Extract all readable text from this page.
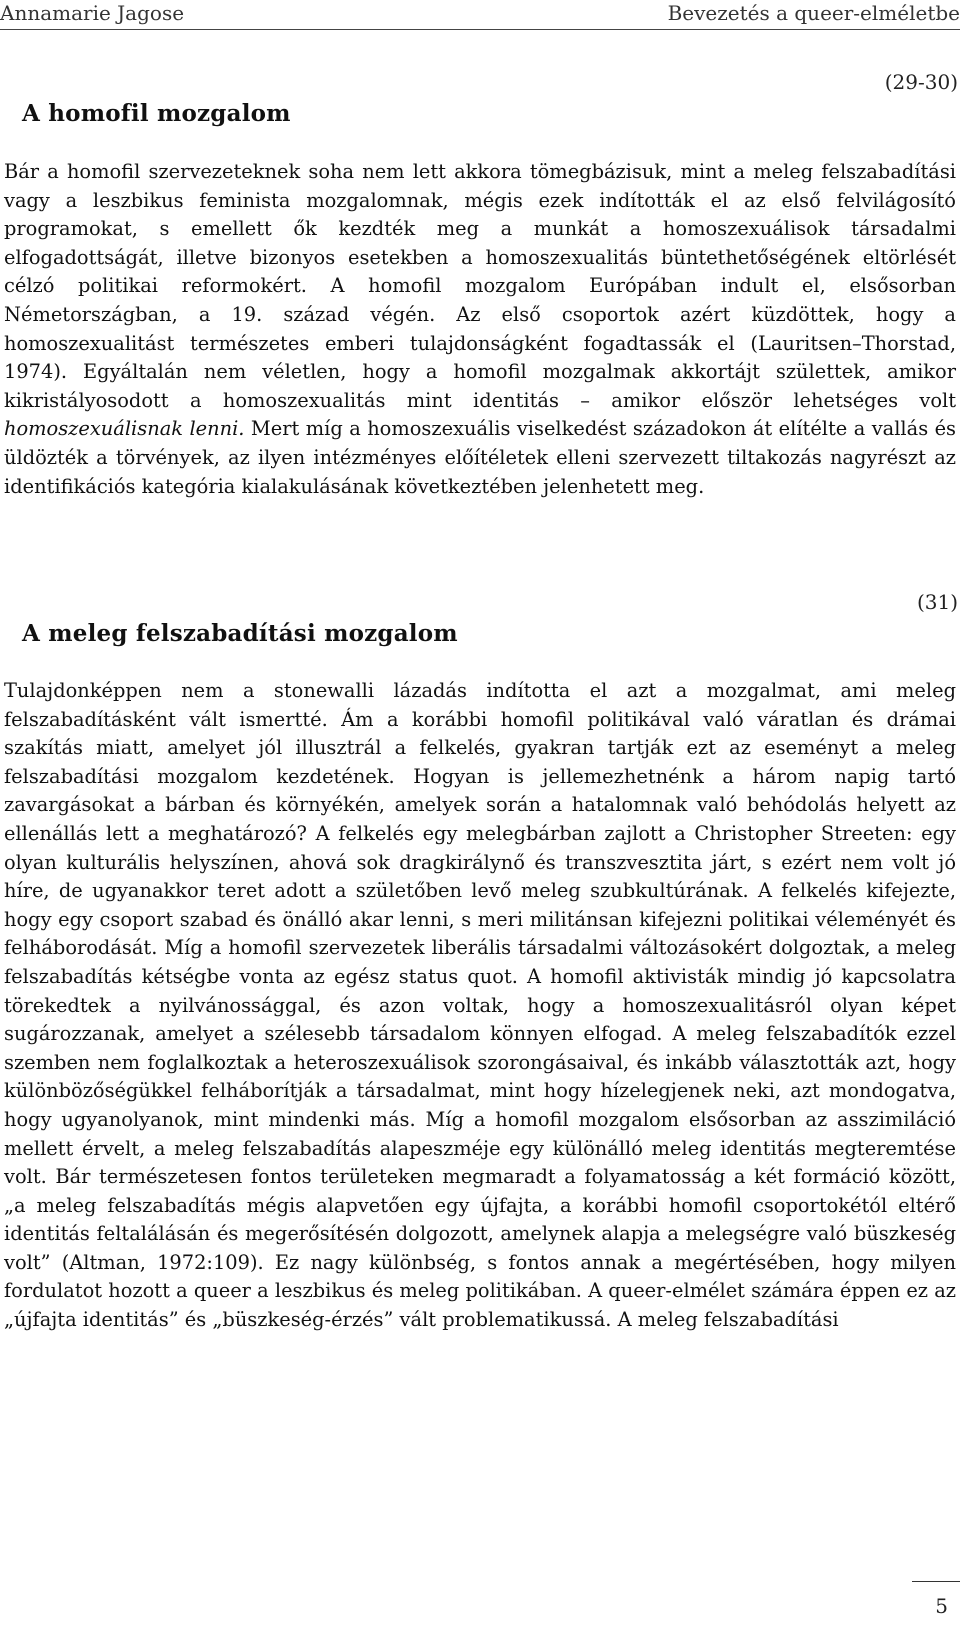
Annamarie Jagose	Bevezetés a queer-elméletbe
(29-30)
A homofil mozgalom

Bár a homofil szervezeteknek soha nem lett akkora tömegbázisuk, mint a meleg felszabadítási vagy a leszbikus feminista mozgalomnak, mégis ezek indították el az első felvilágosító programokat, s emellett ők kezdték meg a munkát a homoszexuálisok társadalmi elfogadottságát, illetve bizonyos esetekben a homoszexualitás büntethetőségének eltörlését célzó politikai reformokért. A homofil mozgalom Európában indult el, elsősorban Németországban, a 19. század végén. Az első csoportok azért küzdöttek, hogy a homoszexualitást természetes emberi tulajdonságként fogadtassák el (Lauritsen–Thorstad, 1974). Egyáltalán nem véletlen, hogy a homofil mozgalmak akkortájt születtek, amikor kikristályosodott a homoszexualitás mint identitás – amikor először lehetséges volt homoszexuálisnak lenni. Mert míg a homoszexuális viselkedést századokon át elítélte a vallás és üldözték a törvények, az ilyen intézményes előítéletek elleni szervezett tiltakozás nagyrészt az identifikációs kategória kialakulásának következtében jelenhetett meg.

(31)
A meleg felszabadítási mozgalom

Tulajdonképpen nem a stonewalli lázadás indította el azt a mozgalmat, ami meleg felszabadításként vált ismertté. Ám a korábbi homofil politikával való váratlan és drámai szakítás miatt, amelyet jól illusztrál a felkelés, gyakran tartják ezt az eseményt a meleg felszabadítási mozgalom kezdetének. Hogyan is jellemezhetnénk a három napig tartó zavargásokat a bárban és környékén, amelyek során a hatalomnak való behódolás helyett az ellenállás lett a meghatározó? A felkelés egy melegbárban zajlott a Christopher Streeten: egy olyan kulturális helyszínen, ahová sok dragkirálynő és transzvesztita járt, s ezért nem volt jó híre, de ugyanakkor teret adott a születőben levő meleg szubkultúrának. A felkelés kifejezte, hogy egy csoport szabad és önálló akar lenni, s meri militánsan kifejezni politikai véleményét és felháborodását. Míg a homofil szervezetek liberális társadalmi változásokért dolgoztak, a meleg felszabadítás kétségbe vonta az egész status quot. A homofil aktivisták mindig jó kapcsolatra törekedtek a nyilvánossággal, és azon voltak, hogy a homoszexualitásról olyan képet sugározzanak, amelyet a szélesebb társadalom könnyen elfogad. A meleg felszabadítók ezzel szemben nem foglalkoztak a heteroszexuálisok szorongásaival, és inkább választották azt, hogy különbözőségükkel felháborítják a társadalmat, mint hogy hízelegjenek neki, azt mondogatva, hogy ugyanolyanok, mint mindenki más. Míg a homofil mozgalom elsősorban az asszimiláció mellett érvelt, a meleg felszabadítás alapeszméje egy különálló meleg identitás megteremtése volt. Bár természetesen fontos területeken megmaradt a folyamatosság a két formáció között, „a meleg felszabadítás mégis alapvetően egy újfajta, a korábbi homofil csoportokétól eltérő identitás feltalálásán és megerősítésén dolgozott, amelynek alapja a melegségre való büszkeség volt” (Altman, 1972:109). Ez nagy különbség, s fontos annak a megértésében, hogy milyen fordulatot hozott a queer a leszbikus és meleg politikában. A queer-elmélet számára éppen ez az „újfajta identitás” és „büszkeség-érzés” vált problematikussá. A meleg felszabadítási

5
